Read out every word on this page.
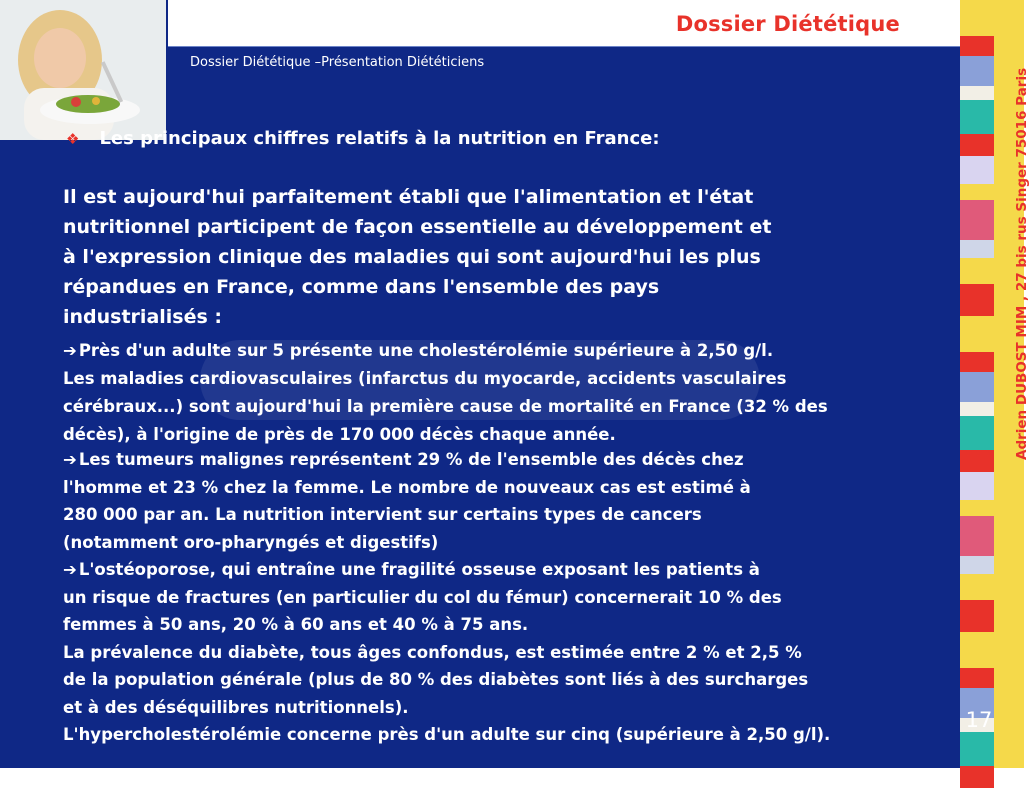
Dossier Diététique
Dossier Diététique –Présentation Diététiciens
❖ Les principaux chiffres relatifs à la nutrition en France:
Il est aujourd'hui parfaitement établi que l'alimentation et l'état
nutritionnel participent de façon essentielle au développement et
à l'expression clinique des maladies qui sont aujourd'hui les plus
répandues en France, comme dans l'ensemble des pays
industrialisés :
➔ Près d'un adulte sur 5 présente une cholestérolémie supérieure à 2,50 g/l.
Les maladies cardiovasculaires (infarctus du myocarde, accidents vasculaires
cérébraux...) sont aujourd'hui la première cause de mortalité en France (32 % des
décès), à l'origine de près de 170 000 décès chaque année.
➔ Les tumeurs malignes représentent 29 % de l'ensemble des décès chez
l'homme et 23 % chez la femme. Le nombre de nouveaux cas est estimé à
280 000 par an. La nutrition intervient sur certains types de cancers
(notamment oro-pharyngés et digestifs)
➔ L'ostéoporose, qui entraîne une fragilité osseuse exposant les patients à
un risque de fractures (en particulier du col du fémur) concernerait 10 % des
femmes à 50 ans, 20 % à 60 ans et 40 % à 75 ans.
La prévalence du diabète, tous âges confondus, est estimée entre 2 % et 2,5 %
de la population générale (plus de 80 % des diabètes sont liés à des surcharges
et à des déséquilibres nutritionnels).
L'hypercholestérolémie concerne près d'un adulte sur cinq (supérieure à 2,50 g/l).
Adrien DUBOST MIM , 27 bis rus Singer 75016 Paris
17
